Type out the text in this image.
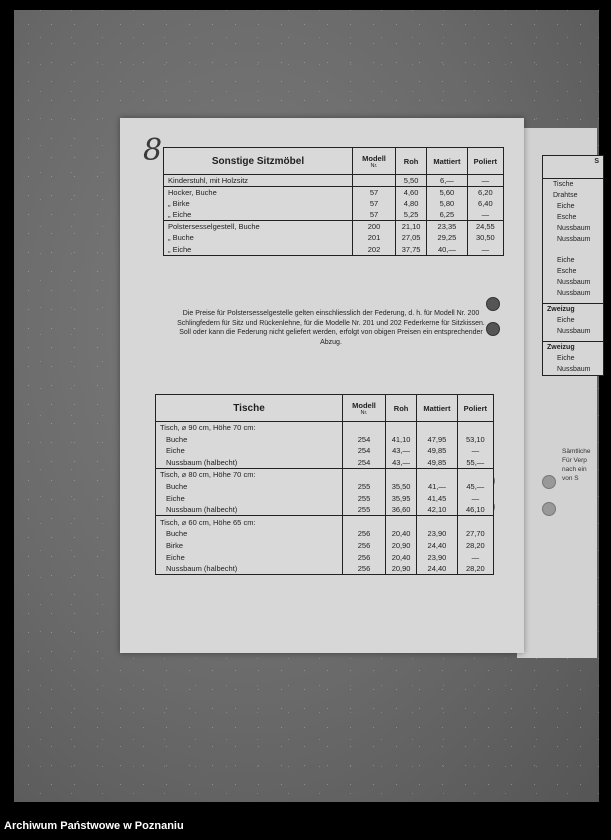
8	Sonstige Sitzmöbel	Modell
Nr.	Roh	Mattiert	Poliert
Kinderstuhl, mit Holzsitz		5,50	6,—	—
Hocker, Buche	57	4,60	5,60	6,20
„ Birke	57	4,80	5,80	6,40
„ Eiche	57	5,25	6,25	—
Polstersesselgestell, Buche	200	21,10	23,35	24,55
„ Buche	201	27,05	29,25	30,50
„ Eiche	202	37,75	40,—	—
Die Preise für Polstersesselgestelle gelten einschliesslich der Federung, d. h. für Modell Nr. 200 Schlingfedern für Sitz und Rückenlehne, für die Modelle Nr. 201 und 202 Federkerne für Sitzkissen. Soll oder kann die Federung nicht geliefert werden, erfolgt von obigen Preisen ein entsprechender Abzug.
Tische	Modell
Nr.	Roh	Mattiert	Poliert
Tisch, ⌀ 90 cm, Höhe 70 cm:				
Buche	254	41,10	47,95	53,10
Eiche	254	43,—	49,85	—
Nussbaum (halbecht)	254	43,—	49,85	55,—
Tisch, ⌀ 80 cm, Höhe 70 cm:				
Buche	255	35,50	41,—	45,—
Eiche	255	35,95	41,45	—
Nussbaum (halbecht)	255	36,60	42,10	46,10
Tisch, ⌀ 60 cm, Höhe 65 cm:				
Buche	256	20,40	23,90	27,70
Birke	256	20,90	24,40	28,20
Eiche	256	20,40	23,90	—
Nussbaum (halbecht)	256	20,90	24,40	28,20
S
Tische
Drahtse
Eiche
Esche
Nussbaum
Nussbaum
Eiche
Esche
Nussbaum
Nussbaum
Zweizug
Eiche
Nussbaum
Zweizug
Eiche
Nussbaum
Sämtliche
Für Verp
nach ein
von S
Archiwum Państwowe w Poznaniu
